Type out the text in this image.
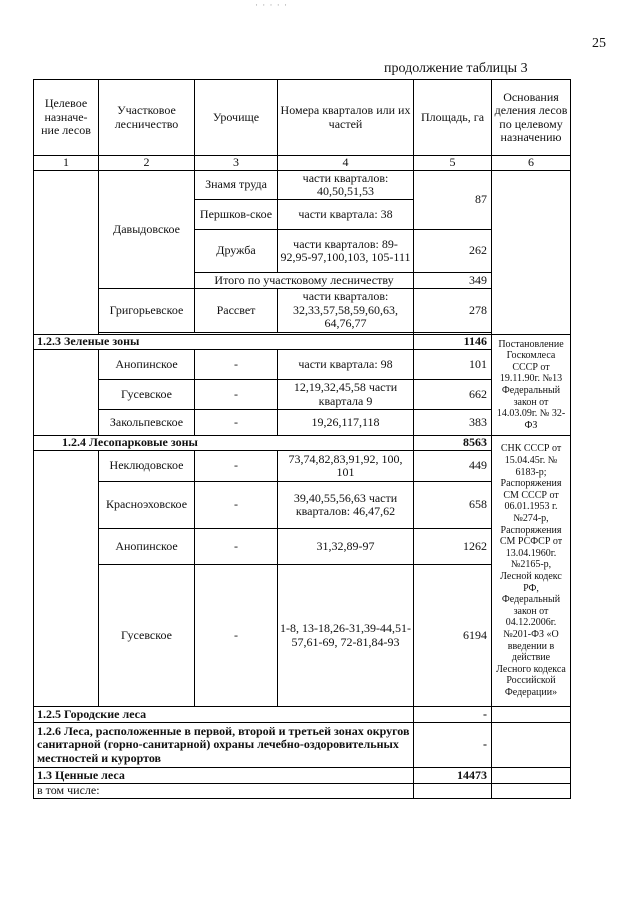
· · · · ·
25
продолжение таблицы 3
Целевое назначе-ние лесов	Участковое лесничество	Урочище	Номера кварталов или их частей	Площадь, га	Основания деления лесов по целевому назначению
1	2	3	4	5	6
	Давыдовское	Знамя труда	части кварталов: 40,50,51,53	87	
		Першков-ское	части квартала: 38		
		Дружба	части кварталов: 89-92,95-97,100,103, 105-111	262	
		Итого по участковому лесничеству		349	
	Григорьевское	Рассвет	части кварталов: 32,33,57,58,59,60,63, 64,76,77	278	

1.2.3 Зеленые зоны				1146	Постановление Госкомлеса СССР от 19.11.90г. №13 Федеральный закон от 14.03.09г. № 32-ФЗ
	Анопинское	-	части квартала: 98	101	
	Гусевское	-	12,19,32,45,58 части квартала 9	662	
	Закольпевское	-	19,26,117,118	383	
1.2.4 Лесопарковые зоны				8563	СНК СССР от 15.04.45г. № 6183-р; Распоряжения СМ СССР от 06.01.1953 г. №274-р, Распоряжения СМ РСФСР от 13.04.1960г. №2165-р, Лесной кодекс РФ, Федеральный закон от 04.12.2006г. №201-ФЗ «О введении в действие Лесного кодекса Российской Федерации»
	Неклюдовское	-	73,74,82,83,91,92, 100, 101	449	
	Красноэховское	-	39,40,55,56,63 части кварталов: 46,47,62	658	
	Анопинское	-	31,32,89-97	1262	
	Гусевское	-	1-8, 13-18,26-31,39-44,51-57,61-69, 72-81,84-93	6194	
1.2.5 Городские леса				-	
1.2.6 Леса, расположенные в первой, второй и третьей зонах округов санитарной (горно-санитарной) охраны лечебно-оздоровительных местностей и курортов				-	
1.3 Ценные леса				14473	
в том числе:					
